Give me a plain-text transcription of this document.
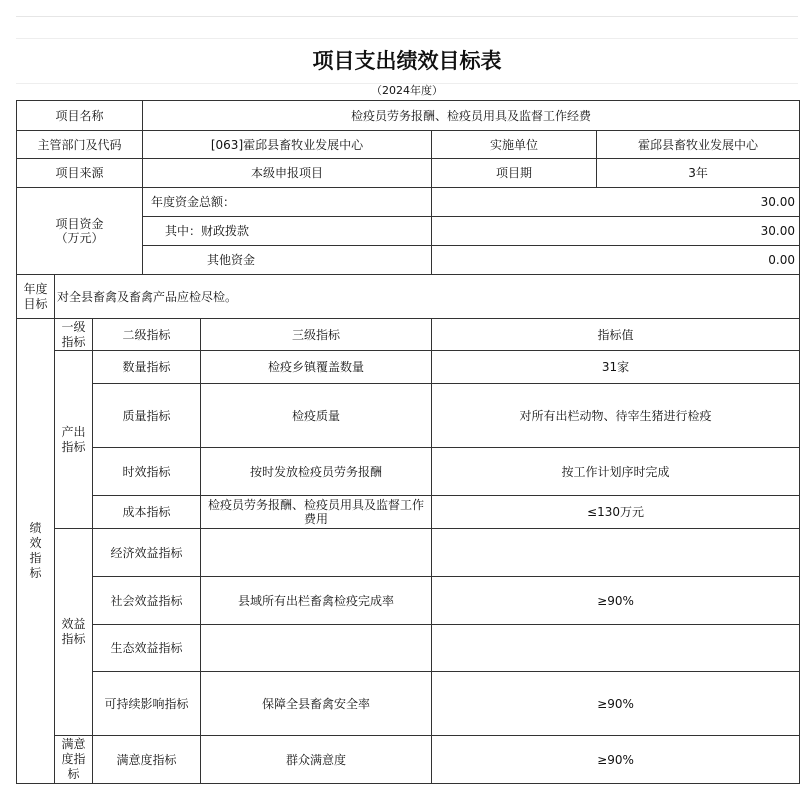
项目支出绩效目标表
（2024年度）
项目名称			检疫员劳务报酬、检疫员用具及监督工作经费			
主管部门及代码			[063]霍邱县畜牧业发展中心		实施单位	霍邱县畜牧业发展中心
项目来源			本级申报项目		项目期	3年
项目资金（万元）			年度资金总额：		30.00	
			其中：财政拨款		30.00	
			其他资金		0.00	
年度目标	对全县畜禽及畜禽产品应检尽检。					
绩效指标	一级指标	二级指标		三级指标	指标值	
	产出指标	数量指标		检疫乡镇覆盖数量	31家	
		质量指标		检疫质量	对所有出栏动物、待宰生猪进行检疫	
		时效指标		按时发放检疫员劳务报酬	按工作计划序时完成	
		成本指标		检疫员劳务报酬、检疫员用具及监督工作费用	≤130万元	
	效益指标	经济效益指标				
		社会效益指标		县域所有出栏畜禽检疫完成率	≥90%	
		生态效益指标				
		可持续影响指标		保障全县畜禽安全率	≥90%	
	满意度指标	满意度指标		群众满意度	≥90%	
